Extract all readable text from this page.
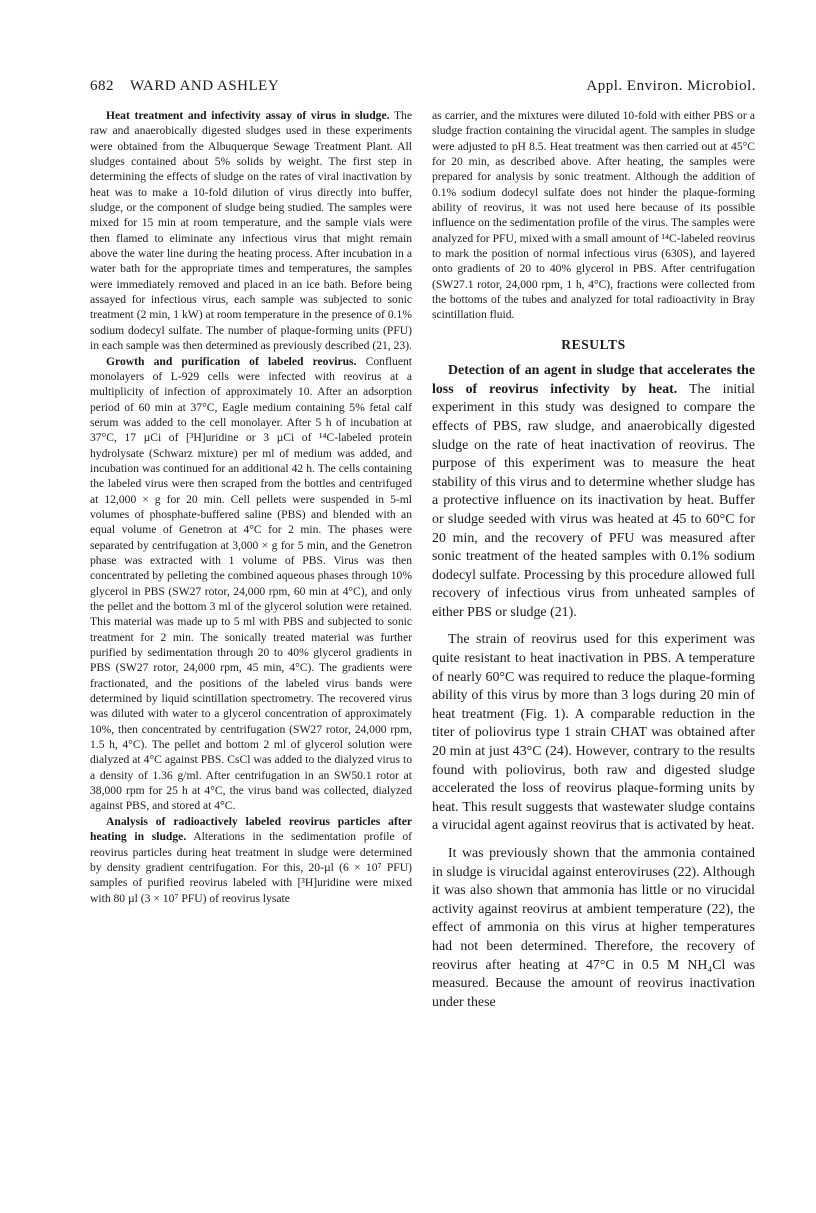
682 WARD AND ASHLEY	Appl. Environ. Microbiol.

Heat treatment and infectivity assay of virus in sludge. The raw and anaerobically digested sludges used in these experiments were obtained from the Albuquerque Sewage Treatment Plant. All sludges contained about 5% solids by weight. The first step in determining the effects of sludge on the rates of viral inactivation by heat was to make a 10-fold dilution of virus directly into buffer, sludge, or the component of sludge being studied. The samples were mixed for 15 min at room temperature, and the sample vials were then flamed to eliminate any infectious virus that might remain above the water line during the heating process. After incubation in a water bath for the appropriate times and temperatures, the samples were immediately removed and placed in an ice bath. Before being assayed for infectious virus, each sample was subjected to sonic treatment (2 min, 1 kW) at room temperature in the presence of 0.1% sodium dodecyl sulfate. The number of plaque-forming units (PFU) in each sample was then determined as previously described (21, 23).

Growth and purification of labeled reovirus. Confluent monolayers of L-929 cells were infected with reovirus at a multiplicity of infection of approximately 10. After an adsorption period of 60 min at 37°C, Eagle medium containing 5% fetal calf serum was added to the cell monolayer. After 5 h of incubation at 37°C, 17 µCi of [³H]uridine or 3 µCi of ¹⁴C-labeled protein hydrolysate (Schwarz mixture) per ml of medium was added, and incubation was continued for an additional 42 h. The cells containing the labeled virus were then scraped from the bottles and centrifuged at 12,000 × g for 20 min. Cell pellets were suspended in 5-ml volumes of phosphate-buffered saline (PBS) and blended with an equal volume of Genetron at 4°C for 2 min. The phases were separated by centrifugation at 3,000 × g for 5 min, and the Genetron phase was extracted with 1 volume of PBS. Virus was then concentrated by pelleting the combined aqueous phases through 10% glycerol in PBS (SW27 rotor, 24,000 rpm, 60 min at 4°C), and only the pellet and the bottom 3 ml of the glycerol solution were retained. This material was made up to 5 ml with PBS and subjected to sonic treatment for 2 min. The sonically treated material was further purified by sedimentation through 20 to 40% glycerol gradients in PBS (SW27 rotor, 24,000 rpm, 45 min, 4°C). The gradients were fractionated, and the positions of the labeled virus bands were determined by liquid scintillation spectrometry. The recovered virus was diluted with water to a glycerol concentration of approximately 10%, then concentrated by centrifugation (SW27 rotor, 24,000 rpm, 1.5 h, 4°C). The pellet and bottom 2 ml of glycerol solution were dialyzed at 4°C against PBS. CsCl was added to the dialyzed virus to a density of 1.36 g/ml. After centrifugation in an SW50.1 rotor at 38,000 rpm for 25 h at 4°C, the virus band was collected, dialyzed against PBS, and stored at 4°C.

Analysis of radioactively labeled reovirus particles after heating in sludge. Alterations in the sedimentation profile of reovirus particles during heat treatment in sludge were determined by density gradient centrifugation. For this, 20-µl (6 × 10⁷ PFU) samples of purified reovirus labeled with [³H]uridine were mixed with 80 µl (3 × 10⁷ PFU) of reovirus lysate

as carrier, and the mixtures were diluted 10-fold with either PBS or a sludge fraction containing the virucidal agent. The samples in sludge were adjusted to pH 8.5. Heat treatment was then carried out at 45°C for 20 min, as described above. After heating, the samples were prepared for analysis by sonic treatment. Although the addition of 0.1% sodium dodecyl sulfate does not hinder the plaque-forming ability of reovirus, it was not used here because of its possible influence on the sedimentation profile of the virus. The samples were analyzed for PFU, mixed with a small amount of ¹⁴C-labeled reovirus to mark the position of normal infectious virus (630S), and layered onto gradients of 20 to 40% glycerol in PBS. After centrifugation (SW27.1 rotor, 24,000 rpm, 1 h, 4°C), fractions were collected from the bottoms of the tubes and analyzed for total radioactivity in Bray scintillation fluid.

RESULTS

Detection of an agent in sludge that accelerates the loss of reovirus infectivity by heat. The initial experiment in this study was designed to compare the effects of PBS, raw sludge, and anaerobically digested sludge on the rate of heat inactivation of reovirus. The purpose of this experiment was to measure the heat stability of this virus and to determine whether sludge has a protective influence on its inactivation by heat. Buffer or sludge seeded with virus was heated at 45 to 60°C for 20 min, and the recovery of PFU was measured after sonic treatment of the heated samples with 0.1% sodium dodecyl sulfate. Processing by this procedure allowed full recovery of infectious virus from unheated samples of either PBS or sludge (21).

The strain of reovirus used for this experiment was quite resistant to heat inactivation in PBS. A temperature of nearly 60°C was required to reduce the plaque-forming ability of this virus by more than 3 logs during 20 min of heat treatment (Fig. 1). A comparable reduction in the titer of poliovirus type 1 strain CHAT was obtained after 20 min at just 43°C (24). However, contrary to the results found with poliovirus, both raw and digested sludge accelerated the loss of reovirus plaque-forming units by heat. This result suggests that wastewater sludge contains a virucidal agent against reovirus that is activated by heat.

It was previously shown that the ammonia contained in sludge is virucidal against enteroviruses (22). Although it was also shown that ammonia has little or no virucidal activity against reovirus at ambient temperature (22), the effect of ammonia on this virus at higher temperatures had not been determined. Therefore, the recovery of reovirus after heating at 47°C in 0.5 M NH₄Cl was measured. Because the amount of reovirus inactivation under these
